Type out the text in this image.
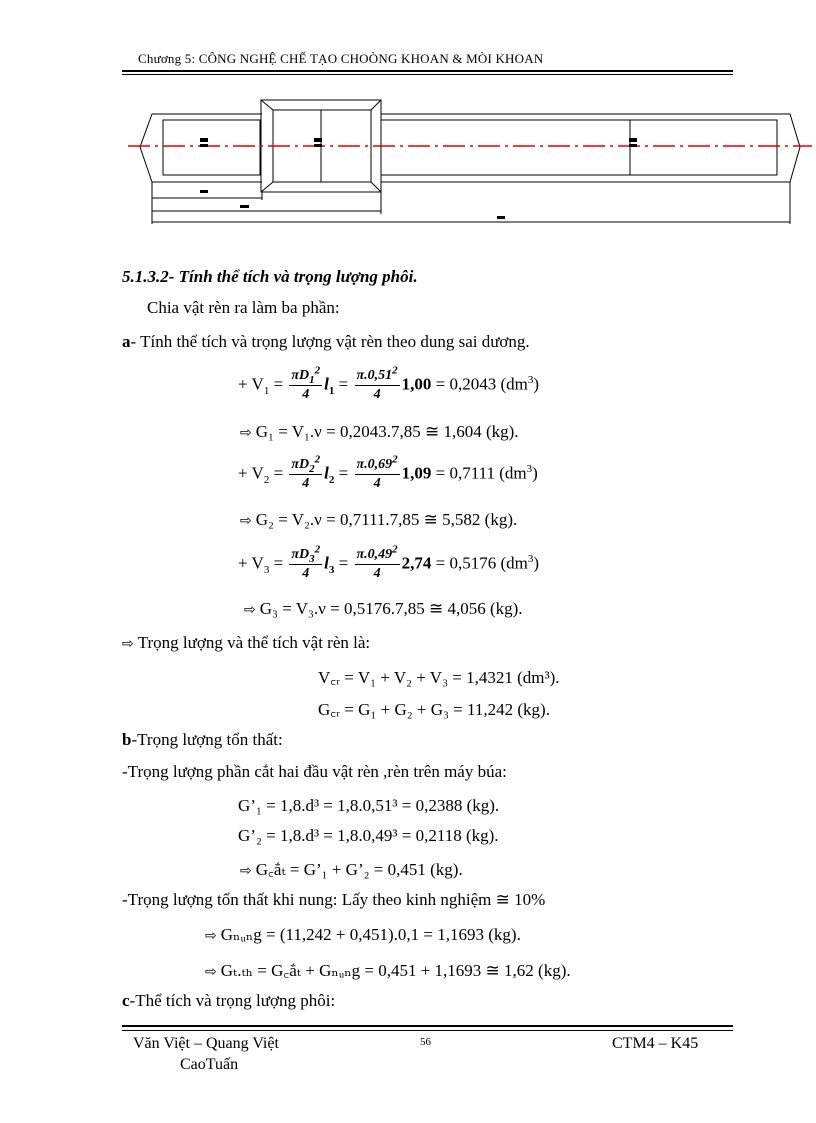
Chương 5: CÔNG NGHỆ CHẾ TẠO CHOÒNG KHOAN & MÒI KHOAN
5.1.3.2- Tính thể tích và trọng lượng phôi.
Chia vật rèn ra làm ba phần:
a- Tính thể tích và trọng lượng vật rèn theo dung sai dương.
+ $V_1 = \frac{\pi D_1^2}{4} l_1 = \frac{\pi.0,51^2}{4} 1,00 = 0,2043$ $(dm^3)$
⇨ G₁ = V₁.ν = 0,2043.7,85 ≅ 1,604 (kg).
+ $V_2 = \frac{\pi D_2^2}{4} l_2 = \frac{\pi.0,69^2}{4} 1,09 = 0,7111$ $(dm^3)$
⇨ G₂ = V₂.ν = 0,7111.7,85 ≅ 5,582 (kg).
+ $V_3 = \frac{\pi D_3^2}{4} l_3 = \frac{\pi.0,49^2}{4} 2,74 = 0,5176$ $(dm^3)$
⇨ G₃ = V₃.ν = 0,5176.7,85 ≅ 4,056 (kg).
⇨ Trọng lượng và thể tích vật rèn là:
V꜀ᵣ = V₁ + V₂ + V₃ = 1,4321 (dm³).
G꜀ᵣ = G₁ + G₂ + G₃ = 11,242 (kg).
b-Trọng lượng tổn thất:
-Trọng lượng phần cắt hai đầu vật rèn ,rèn trên máy búa:
G’₁ = 1,8.d³ = 1,8.0,51³ = 0,2388 (kg).
G’₂ = 1,8.d³ = 1,8.0,49³ = 0,2118 (kg).
⇨ G꜀ắₜ = G’₁ + G’₂ = 0,451 (kg).
-Trọng lượng tổn thất khi nung: Lấy theo kinh nghiệm ≅ 10%
⇨ Gₙᵤₙg = (11,242 + 0,451).0,1 = 1,1693 (kg).
⇨ Gₜ.ₜₕ = G꜀ắₜ + Gₙᵤₙg = 0,451 + 1,1693 ≅ 1,62 (kg).
c-Thể tích và trọng lượng phôi:
Văn Việt – Quang Việt
CaoTuấn
56	CTM4 – K45
